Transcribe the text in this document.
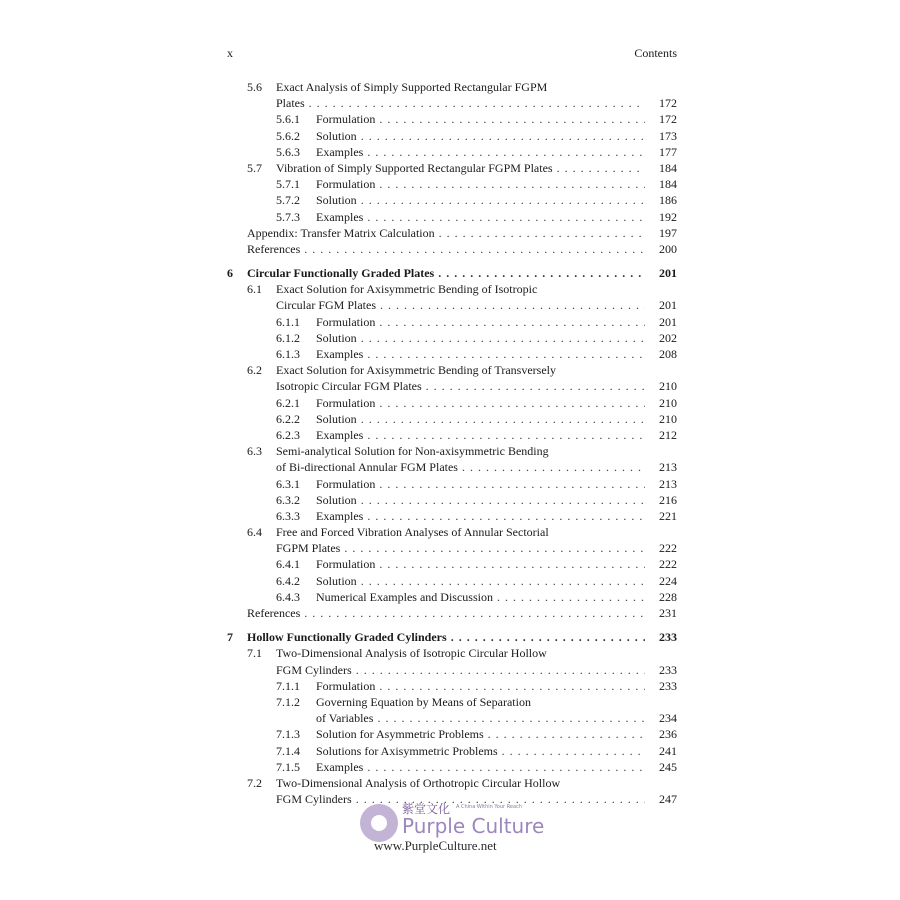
x	Contents
5.6 Exact Analysis of Simply Supported Rectangular FGPM
Plates . . .	172
5.6.1 Formulation . . .	172
5.6.2 Solution . . .	173
5.6.3 Examples . . .	177
5.7 Vibration of Simply Supported Rectangular FGPM Plates . . .	184
5.7.1 Formulation . . .	184
5.7.2 Solution . . .	186
5.7.3 Examples . . .	192
Appendix: Transfer Matrix Calculation . . .	197
References . . .	200
6 Circular Functionally Graded Plates . . .	201
6.1 Exact Solution for Axisymmetric Bending of Isotropic
Circular FGM Plates . . .	201
6.1.1 Formulation . . .	201
6.1.2 Solution . . .	202
6.1.3 Examples . . .	208
6.2 Exact Solution for Axisymmetric Bending of Transversely
Isotropic Circular FGM Plates . . .	210
6.2.1 Formulation . . .	210
6.2.2 Solution . . .	210
6.2.3 Examples . . .	212
6.3 Semi-analytical Solution for Non-axisymmetric Bending
of Bi-directional Annular FGM Plates . . .	213
6.3.1 Formulation . . .	213
6.3.2 Solution . . .	216
6.3.3 Examples . . .	221
6.4 Free and Forced Vibration Analyses of Annular Sectorial
FGPM Plates . . .	222
6.4.1 Formulation . . .	222
6.4.2 Solution . . .	224
6.4.3 Numerical Examples and Discussion . . .	228
References . . .	231
7 Hollow Functionally Graded Cylinders . . .	233
7.1 Two-Dimensional Analysis of Isotropic Circular Hollow
FGM Cylinders . . .	233
7.1.1 Formulation . . .	233
7.1.2 Governing Equation by Means of Separation
of Variables . . .	234
7.1.3 Solution for Asymmetric Problems . . .	236
7.1.4 Solutions for Axisymmetric Problems . . .	241
7.1.5 Examples . . .	245
7.2 Two-Dimensional Analysis of Orthotropic Circular Hollow
FGM Cylinders . . .	247
紫堂文化 A China Within Your Reach
Purple Culture
www.PurpleCulture.net
